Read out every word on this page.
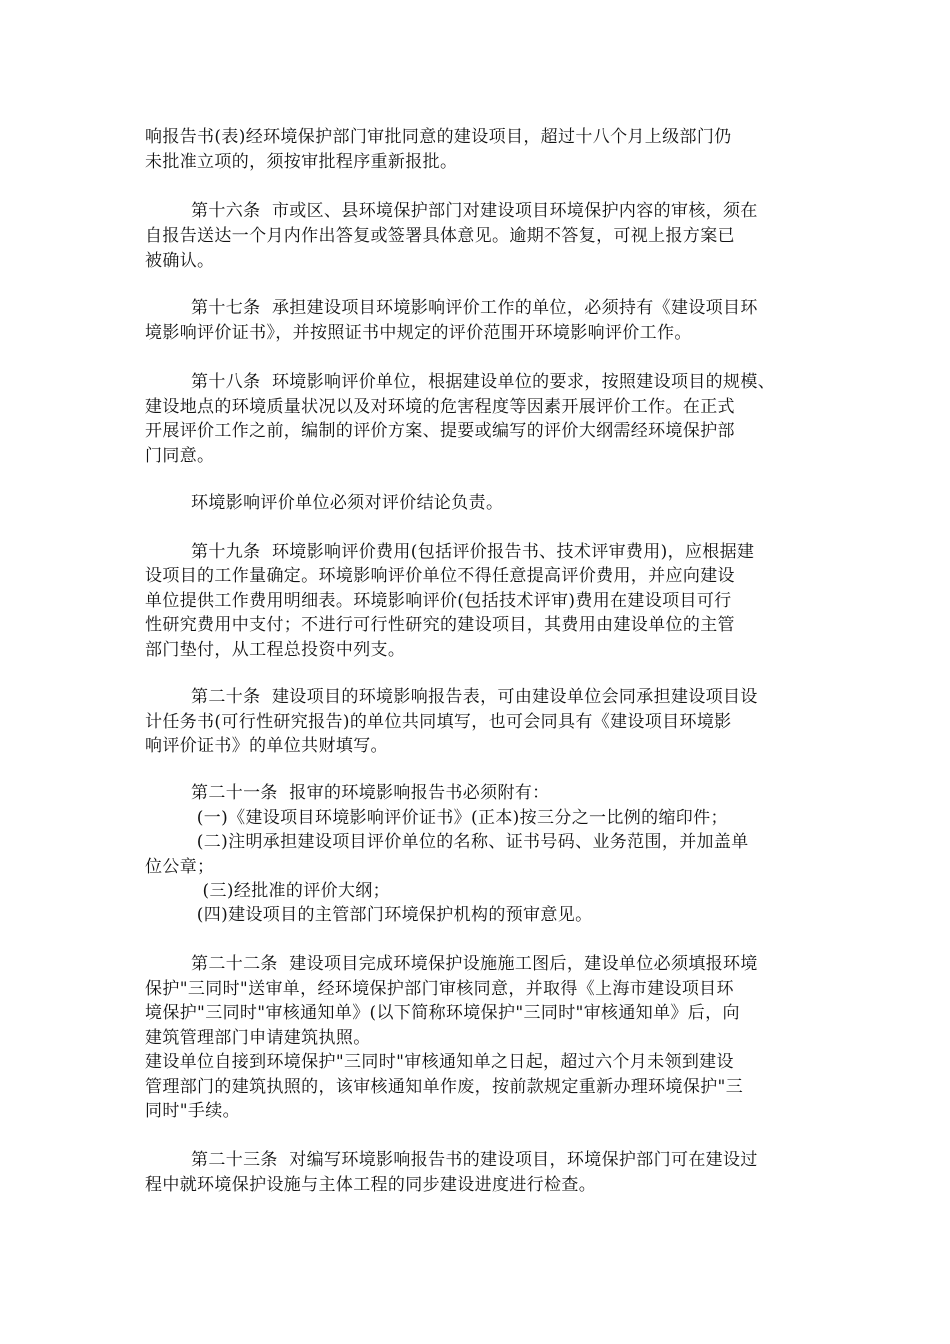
响报告书(表)经环境保护部门审批同意的建设项目，超过十八个月上级部门仍
未批准立项的，须按审批程序重新报批。
第十六条  市或区、县环境保护部门对建设项目环境保护内容的审核，须在
自报告送达一个月内作出答复或签署具体意见。逾期不答复，可视上报方案已
被确认。
第十七条  承担建设项目环境影响评价工作的单位，必须持有《建设项目环
境影响评价证书》，并按照证书中规定的评价范围开环境影响评价工作。
第十八条  环境影响评价单位，根据建设单位的要求，按照建设项目的规模、
建设地点的环境质量状况以及对环境的危害程度等因素开展评价工作。在正式
开展评价工作之前，编制的评价方案、提要或编写的评价大纲需经环境保护部
门同意。
环境影响评价单位必须对评价结论负责。
第十九条  环境影响评价费用(包括评价报告书、技术评审费用)，应根据建
设项目的工作量确定。环境影响评价单位不得任意提高评价费用，并应向建设
单位提供工作费用明细表。环境影响评价(包括技术评审)费用在建设项目可行
性研究费用中支付；不进行可行性研究的建设项目，其费用由建设单位的主管
部门垫付，从工程总投资中列支。
第二十条  建设项目的环境影响报告表，可由建设单位会同承担建设项目设
计任务书(可行性研究报告)的单位共同填写，也可会同具有《建设项目环境影
响评价证书》的单位共财填写。
第二十一条  报审的环境影响报告书必须附有：
(一)《建设项目环境影响评价证书》(正本)按三分之一比例的缩印件；
(二)注明承担建设项目评价单位的名称、证书号码、业务范围，并加盖单
位公章；
(三)经批准的评价大纲；
(四)建设项目的主管部门环境保护机构的预审意见。
第二十二条  建设项目完成环境保护设施施工图后，建设单位必须填报环境
保护"三同时"送审单，经环境保护部门审核同意，并取得《上海市建设项目环
境保护"三同时"审核通知单》(以下简称环境保护"三同时"审核通知单》后，向
建筑管理部门申请建筑执照。
建设单位自接到环境保护"三同时"审核通知单之日起，超过六个月未领到建设
管理部门的建筑执照的，该审核通知单作废，按前款规定重新办理环境保护"三
同时"手续。
第二十三条  对编写环境影响报告书的建设项目，环境保护部门可在建设过
程中就环境保护设施与主体工程的同步建设进度进行检查。
